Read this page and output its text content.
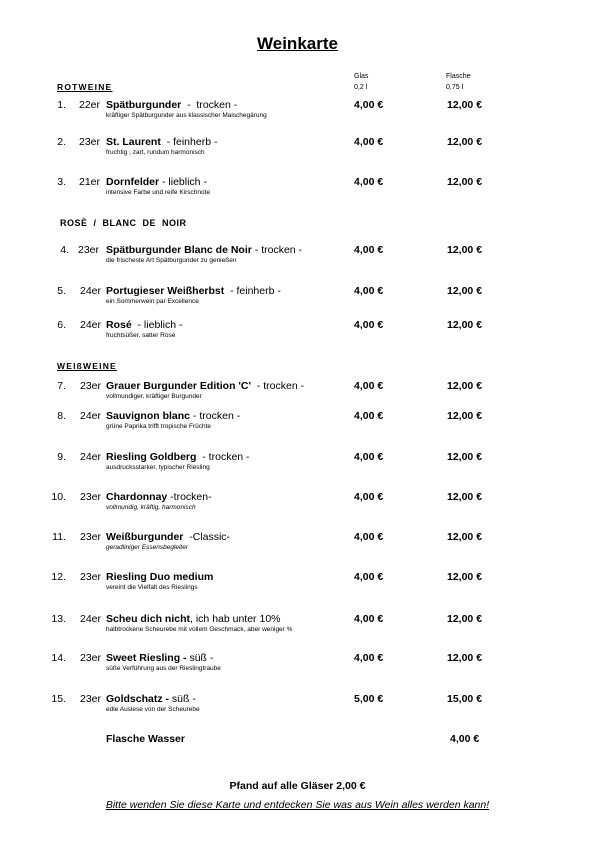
Weinkarte
Glas
0,2 l
Flasche
0,75 l
ROTWEINE
ROSÈ / BLANC DE NOIR
WEIßWEINE
1. 22er Spätburgunder  -  trocken -
kräftiger Spätburgunder aus klassischer Maischegärung
4,00 €	12,00 €
2. 23er St. Laurent  - feinherb -
fruchtig , zart, rundum harmonisch
4,00 €	12,00 €
3. 21er Dornfelder - lieblich -
intensive Farbe und reife Kirschnote
4,00 €	12,00 €
4. 23er Spätburgunder Blanc de Noir - trocken -
die frischeste Art Spätburgunder zu genießen
4,00 €	12,00 €
5. 24er Portugieser Weißherbst  - feinherb -
ein Sommerwein par Excellence
4,00 €	12,00 €
6. 24er Rosé  - lieblich -
fruchtsüßer, satter Rosé
4,00 €	12,00 €
7. 23er Grauer Burgunder Edition 'C'  - trocken -
vollmundiger, kräftiger Burgunder
4,00 €	12,00 €
8. 24er Sauvignon blanc - trocken -
grüne Paprika trifft tropische Früchte
4,00 €	12,00 €
9. 24er Riesling Goldberg  - trocken -
ausdrucksstarker, typischer Riesling
4,00 €	12,00 €
10. 23er Chardonnay -trocken-
vollmundig, kräftig, harmonisch
4,00 €	12,00 €
11. 23er Weißburgunder  -Classic-
geradliniger Essensbegleiter
4,00 €	12,00 €
12. 23er Riesling Duo medium
vereint die Vielfalt des Rieslings
4,00 €	12,00 €
13. 24er Scheu dich nicht, ich hab unter 10%
halbtrockene Scheurebe mit vollem Geschmack, aber weniger %
4,00 €	12,00 €
14. 23er Sweet Riesling - süß -
süße Verführung aus der Rieslingtraube
4,00 €	12,00 €
15. 23er Goldschatz - süß -
edle Auslese von der Scheurebe
5,00 €	15,00 €
Flasche Wasser	4,00 €
Pfand auf alle Gläser 2,00 €
Bitte wenden Sie diese Karte und entdecken Sie was aus Wein alles werden kann!
